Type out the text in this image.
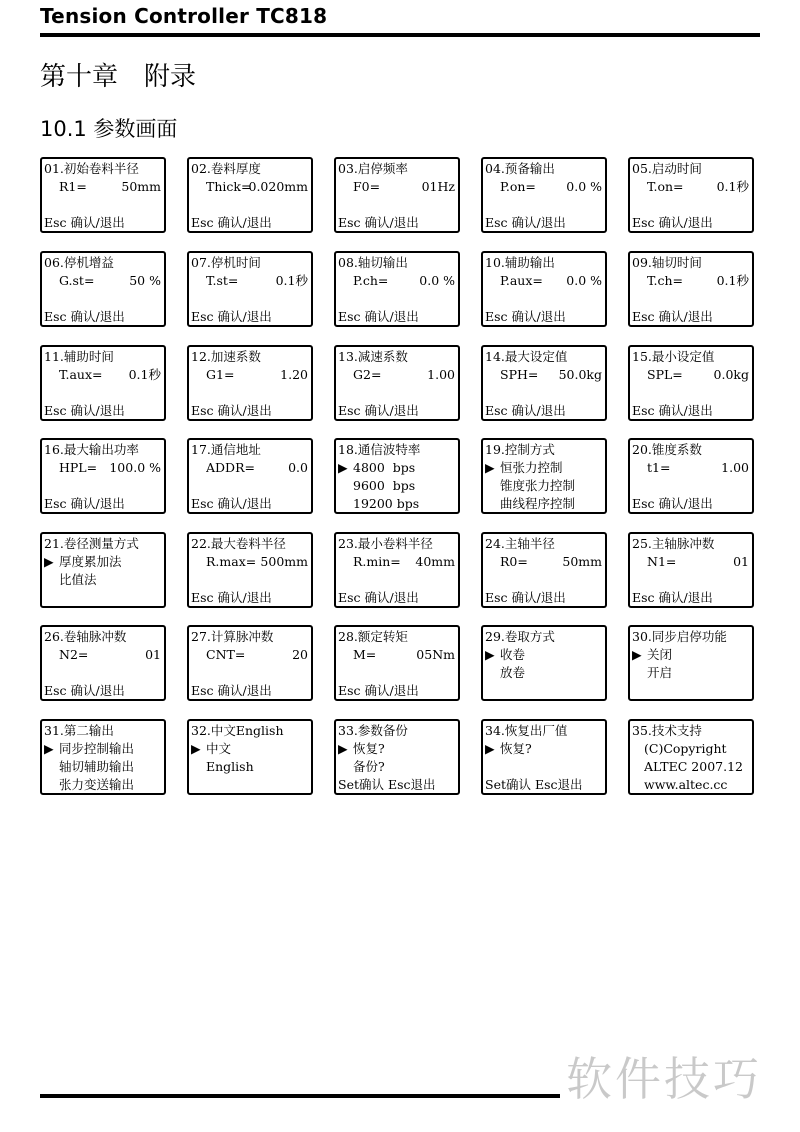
Tension Controller TC818
第十章　附录
10.1 参数画面
01.初始卷料半径
R1=	50mm
Esc 确认/退出
02.卷料厚度
Thick=
0.020mm
Esc 确认/退出
03.启停频率
F0=	01Hz
Esc 确认/退出
04.预备输出
P.on= 0.0 %
Esc 确认/退出
05.启动时间
T.on=	0.1秒
Esc 确认/退出
06.停机增益
G.st=	50 %
Esc 确认/退出
07.停机时间
T.st=	0.1秒
Esc 确认/退出
08.轴切输出
P.ch= 0.0 %
Esc 确认/退出
10.辅助输出
P.aux= 0.0 %
Esc 确认/退出
09.轴切时间
T.ch=	0.1秒
Esc 确认/退出
11.辅助时间
T.aux= 0.1秒
Esc 确认/退出
12.加速系数
G1=	1.20
Esc 确认/退出
13.减速系数
G2=	1.00
Esc 确认/退出
14.最大设定值
SPH= 50.0kg
Esc 确认/退出
15.最小设定值
SPL= 0.0kg
Esc 确认/退出
16.最大输出功率
HPL= 100.0 %
Esc 确认/退出
17.通信地址
ADDR=	0.0
Esc 确认/退出
18.通信波特率
▶ 4800  bps
9600  bps
19200 bps
19.控制方式
▶ 恒张力控制
锥度张力控制
曲线程序控制
20.锥度系数
t1=	1.00
Esc 确认/退出
21.卷径测量方式
▶ 厚度累加法
比值法
22.最大卷料半径
R.max= 500mm
Esc 确认/退出
23.最小卷料半径
R.min= 40mm
Esc 确认/退出
24.主轴半径
R0=	50mm
Esc 确认/退出
25.主轴脉冲数
N1=	01
Esc 确认/退出
26.卷轴脉冲数
N2=	01
Esc 确认/退出
27.计算脉冲数
CNT=	20
Esc 确认/退出
28.额定转矩
M=	05Nm
Esc 确认/退出
29.卷取方式
▶ 收卷
放卷
30.同步启停功能
▶ 关闭
开启
31.第二输出
▶ 同步控制输出
轴切辅助输出
张力变送输出
32.中文English
▶ 中文
English
33.参数备份
▶ 恢复?
备份?
Set确认 Esc退出
34.恢复出厂值
▶ 恢复?
Set确认 Esc退出
35.技术支持
(C)Copyright
ALTEC 2007.12
www.altec.cc
软件技巧
